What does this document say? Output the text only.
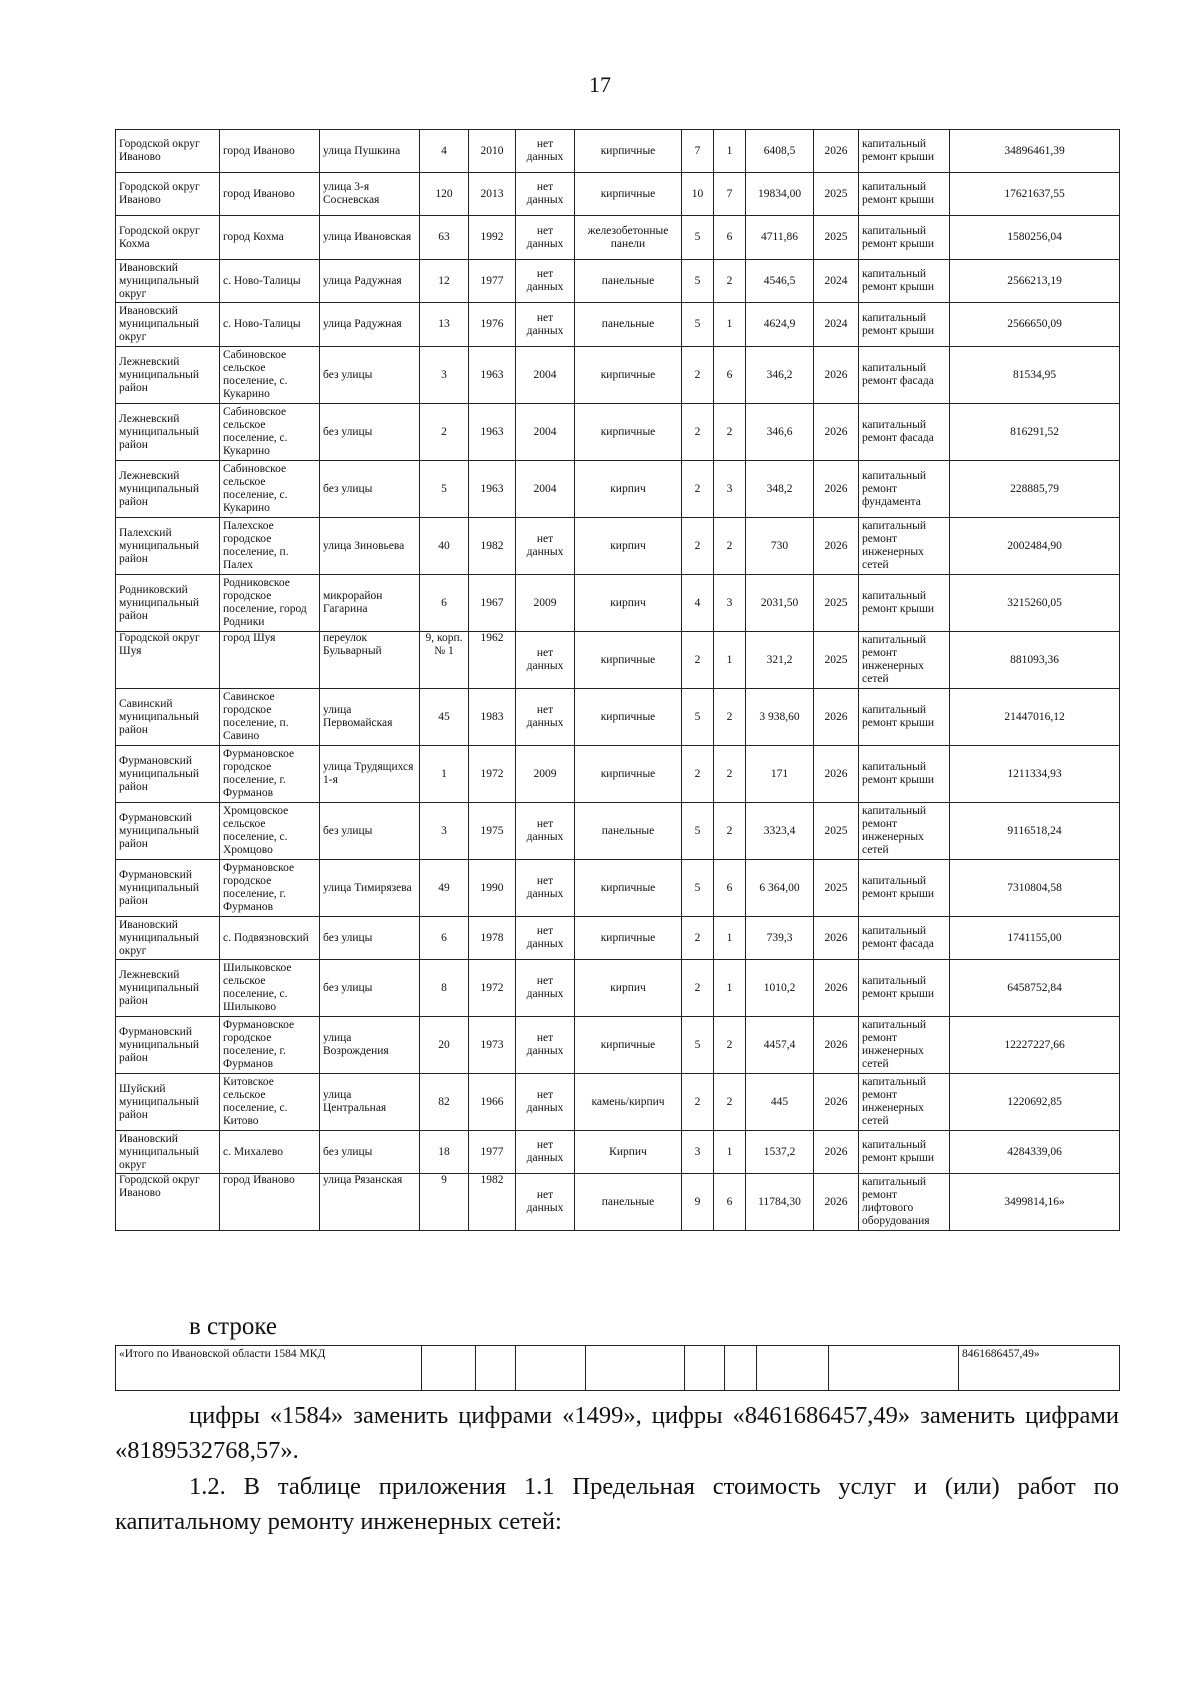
17
Городской округ Иваново	город Иваново	улица Пушкина	4	2010	нет данных	кирпичные	7	1	6408,5	2026	капитальный ремонт крыши	34896461,39
Городской округ Иваново	город Иваново	улица 3-я Сосневская	120	2013	нет данных	кирпичные	10	7	19834,00	2025	капитальный ремонт крыши	17621637,55
Городской округ Кохма	город Кохма	улица Ивановская	63	1992	нет данных	железобетонные панели	5	6	4711,86	2025	капитальный ремонт крыши	1580256,04
Ивановский муниципальный округ	с. Ново-Талицы	улица Радужная	12	1977	нет данных	панельные	5	2	4546,5	2024	капитальный ремонт крыши	2566213,19
Ивановский муниципальный округ	с. Ново-Талицы	улица Радужная	13	1976	нет данных	панельные	5	1	4624,9	2024	капитальный ремонт крыши	2566650,09
Лежневский муниципальный район	Сабиновское сельское поселение, с. Кукарино	без улицы	3	1963	2004	кирпичные	2	6	346,2	2026	капитальный ремонт фасада	81534,95
Лежневский муниципальный район	Сабиновское сельское поселение, с. Кукарино	без улицы	2	1963	2004	кирпичные	2	2	346,6	2026	капитальный ремонт фасада	816291,52
Лежневский муниципальный район	Сабиновское сельское поселение, с. Кукарино	без улицы	5	1963	2004	кирпич	2	3	348,2	2026	капитальный ремонт фундамента	228885,79
Палехский муниципальный район	Палехское городское поселение, п. Палех	улица Зиновьева	40	1982	нет данных	кирпич	2	2	730	2026	капитальный ремонт инженерных сетей	2002484,90
Родниковский муниципальный район	Родниковское городское поселение, город Родники	микрорайон Гагарина	6	1967	2009	кирпич	4	3	2031,50	2025	капитальный ремонт крыши	3215260,05
Городской округ Шуя	город Шуя	переулок Бульварный	9, корп. № 1	1962	нет данных	кирпичные	2	1	321,2	2025	капитальный ремонт инженерных сетей	881093,36
Савинский муниципальный район	Савинское городское поселение, п. Савино	улица Первомайская	45	1983	нет данных	кирпичные	5	2	3 938,60	2026	капитальный ремонт крыши	21447016,12
Фурмановский муниципальный район	Фурмановское городское поселение, г. Фурманов	улица Трудящихся 1-я	1	1972	2009	кирпичные	2	2	171	2026	капитальный ремонт крыши	1211334,93
Фурмановский муниципальный район	Хромцовское сельское поселение, с. Хромцово	без улицы	3	1975	нет данных	панельные	5	2	3323,4	2025	капитальный ремонт инженерных сетей	9116518,24
Фурмановский муниципальный район	Фурмановское городское поселение, г. Фурманов	улица Тимирязева	49	1990	нет данных	кирпичные	5	6	6 364,00	2025	капитальный ремонт крыши	7310804,58
Ивановский муниципальный округ	с. Подвязновский	без улицы	6	1978	нет данных	кирпичные	2	1	739,3	2026	капитальный ремонт фасада	1741155,00
Лежневский муниципальный район	Шилыковское сельское поселение, с. Шилыково	без улицы	8	1972	нет данных	кирпич	2	1	1010,2	2026	капитальный ремонт крыши	6458752,84
Фурмановский муниципальный район	Фурмановское городское поселение, г. Фурманов	улица Возрождения	20	1973	нет данных	кирпичные	5	2	4457,4	2026	капитальный ремонт инженерных сетей	12227227,66
Шуйский муниципальный район	Китовское сельское поселение, с. Китово	улица Центральная	82	1966	нет данных	камень/кирпич	2	2	445	2026	капитальный ремонт инженерных сетей	1220692,85
Ивановский муниципальный округ	с. Михалево	без улицы	18	1977	нет данных	Кирпич	3	1	1537,2	2026	капитальный ремонт крыши	4284339,06
Городской округ Иваново	город Иваново	улица Рязанская	9	1982	нет данных	панельные	9	6	11784,30	2026	капитальный ремонт лифтового оборудования	3499814,16»
в строке
«Итого по Ивановской области 1584 МКД									8461686457,49»
цифры «1584» заменить цифрами «1499», цифры «8461686457,49» заменить цифрами «8189532768,57».
1.2. В таблице приложения 1.1 Предельная стоимость услуг и (или) работ по капитальному ремонту инженерных сетей:
